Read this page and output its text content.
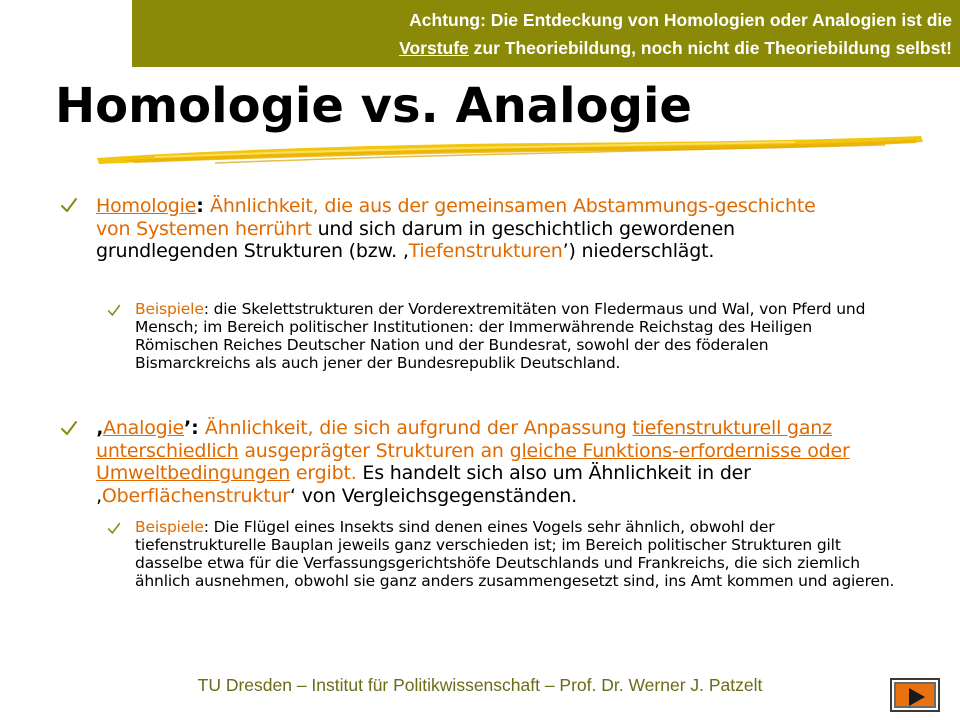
Achtung: Die Entdeckung von Homologien oder Analogien ist die
Vorstufe zur Theoriebildung, noch nicht die Theoriebildung selbst!
Homologie vs. Analogie
Homologie: Ähnlichkeit, die aus der gemeinsamen Abstammungs-geschichte von Systemen herrührt und sich darum in geschichtlich gewordenen grundlegenden Strukturen (bzw. ‚Tiefenstrukturen’) niederschlägt.
Beispiele: die Skelettstrukturen der Vorderextremitäten von Fledermaus und Wal, von Pferd und Mensch; im Bereich politischer Institutionen: der Immerwährende Reichstag des Heiligen Römischen Reiches Deutscher Nation und der Bundesrat, sowohl der des föderalen Bismarckreichs als auch jener der Bundesrepublik Deutschland.
‚Analogie’: Ähnlichkeit, die sich aufgrund der Anpassung tiefenstrukturell ganz unterschiedlich ausgeprägter Strukturen an gleiche Funktions-erfordernisse oder Umweltbedingungen ergibt. Es handelt sich also um Ähnlichkeit in der ‚Oberflächenstruktur‘ von Vergleichsgegenständen.
Beispiele: Die Flügel eines Insekts sind denen eines Vogels sehr ähnlich, obwohl der tiefenstrukturelle Bauplan jeweils ganz verschieden ist; im Bereich politischer Strukturen gilt dasselbe etwa für die Verfassungsgerichtshöfe Deutschlands und Frankreichs, die sich ziemlich ähnlich ausnehmen, obwohl sie ganz anders zusammengesetzt sind, ins Amt kommen und agieren.
TU Dresden – Institut für Politikwissenschaft – Prof. Dr. Werner J. Patzelt
